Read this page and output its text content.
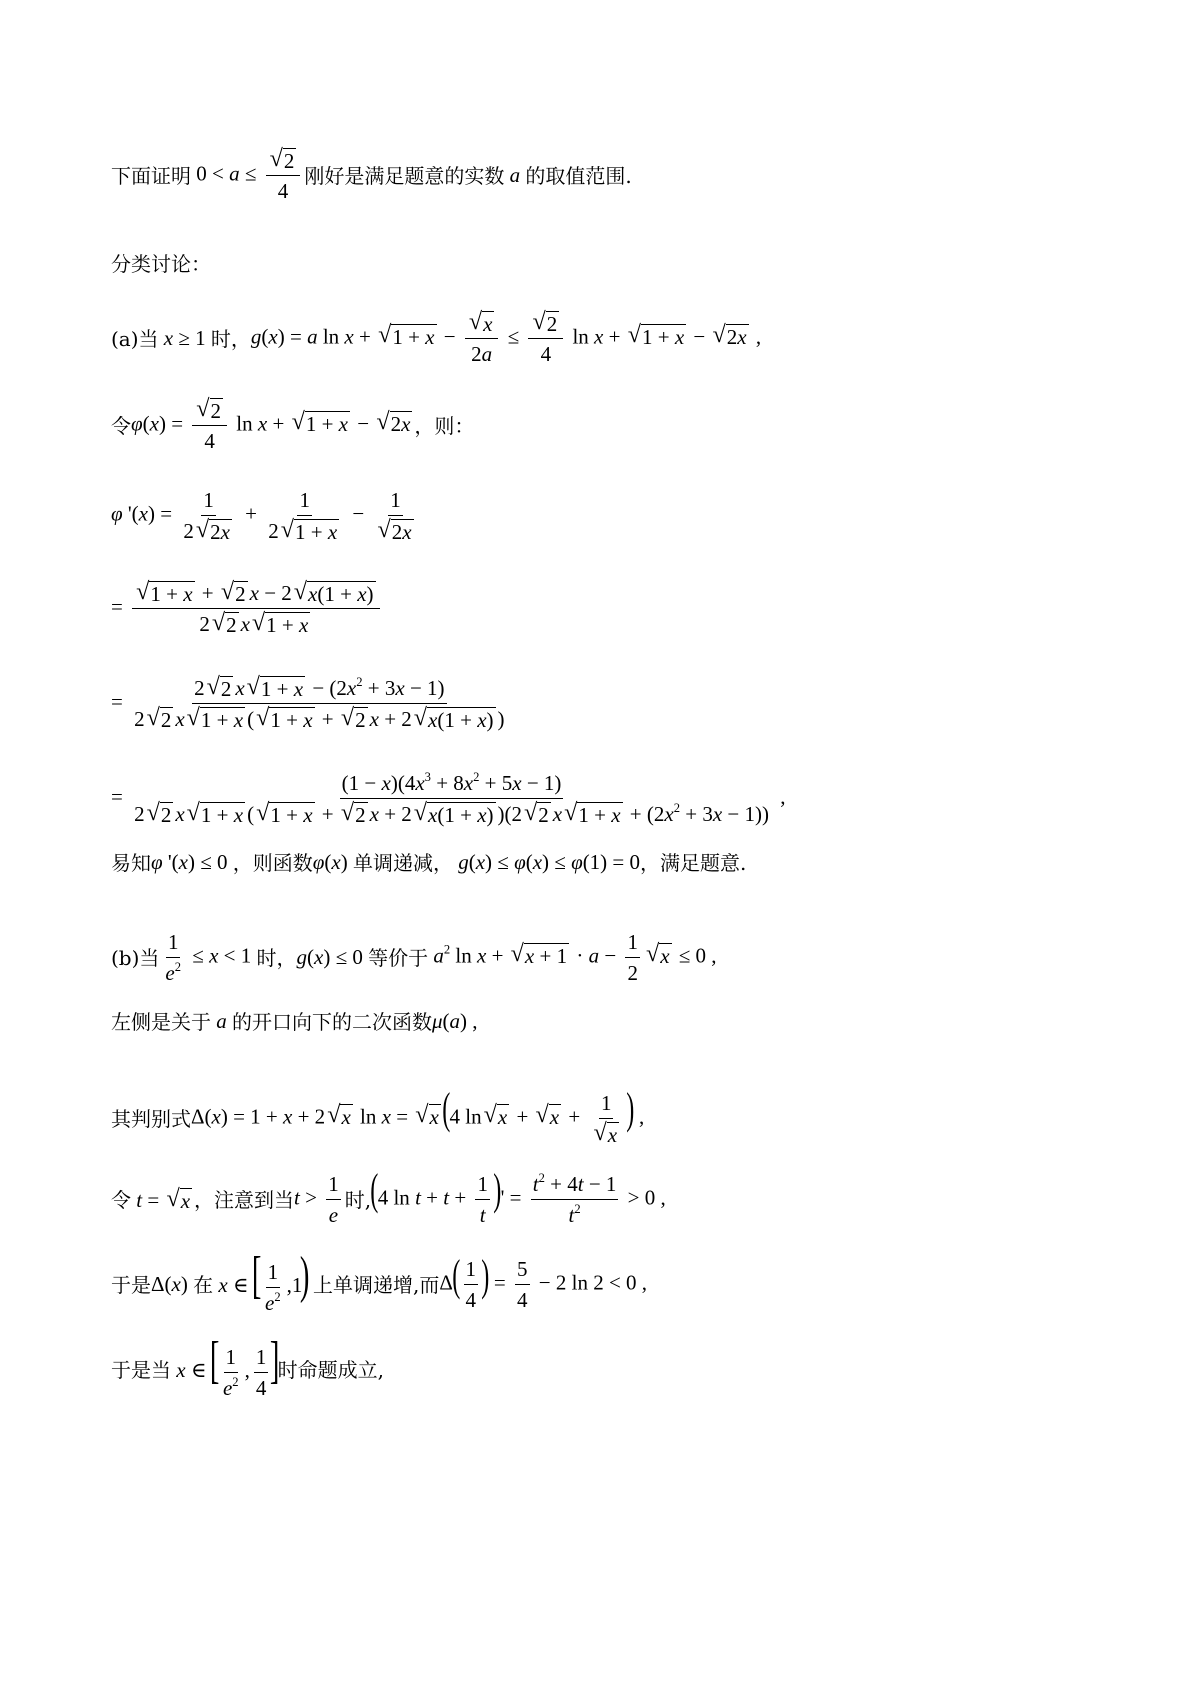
下面证明 $0 < a \le \frac{√ 2}{4}$ 刚好是满足题意的实数 a 的取值范围.
分类讨论：
(a)当 x ≥ 1 时， g(x) = a ln x + √ $1 + x - \frac{√ x}{2a} \le \frac{√ 2}{4}$ ln x + √ 1 + x − √ 2x ,
令 $\varphi(x) = \frac{√ 2}{4}$ ln x + √ 1 + x − √ 2x ，则：
φ '$(x) = \frac{1}{2 √ 2x} + \frac{1}{2 √ 1 + x} - \frac{1}{√ 2x}$
= $\frac{√ 1 + x + √ 2 x - 2 √ x(1 + x)}{2 √ 2 x √ 1 + x}$
= $\frac{2 √ 2 x √ 1 + x - (2x^2 + 3x - 1)}{2 √ 2 x √ 1 + x ( √ 1 + x + √ 2 x + 2 √ x(1 + x) )}$
=
$(1 - x)(4x^3 + 8x^2 + 5x - 1)$
2 √ 2 x √ 1 + x ( √ 1 + x + √ 2 x + 2 √ x(1 + x) )(2 √ 2 x √ $1 + x + (2x^2 + 3x - 1)$)
,
易知 φ '(x) ≤ 0 ，则函数 φ(x) 单调递减， g(x) ≤ φ(x) ≤ φ(1) = 0 ，满足题意.
(b)当 $\frac{1}{e^2} \le x < 1$ 时， g(x) ≤ 0 等价于 $a^2$ ln x + √ $x + 1 \cdot a - \frac{1}{2}$ √ x ≤ 0 ,
左侧是关于 a 的开口向下的二次函数 μ(a) ,
其判别式 Δ(x) = 1 + x + 2 √ x ln x = √ x (4 ln √ x + √ $x + \frac{1}{√ x}$ ) ,
令 t = √ x ，注意到当 $t > \frac{1}{e}$ 时, (4 $\ln t + t + \frac{1}{t}$ )' = $\frac{t^2 + 4t - 1}{t^2} > 0$ ,
于是 Δ(x) 在 x ∈ [ $\frac{1}{e^2} ,1$) 上单调递增,而 $\Delta( \frac{1}{4}$ ) = $\frac{5}{4} - 2$ ln 2 < 0 ,
于是当 x ∈ [ $\frac{1}{e^2}$ , $\frac{1}{4}$ ]
时命题成立,
